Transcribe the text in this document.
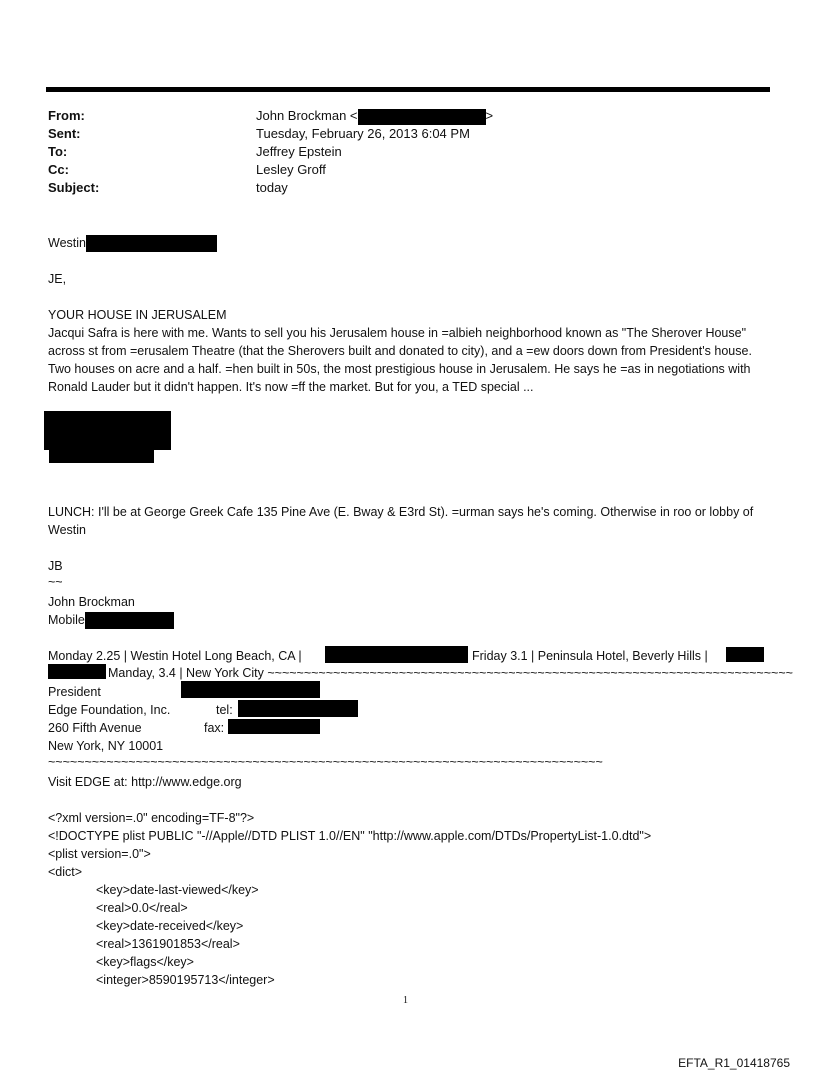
From:	John Brockman <	>
Sent:	Tuesday, February 26, 2013 6:04 PM
To:	Jeffrey Epstein
Cc:	Lesley Groff
Subject:	today
Westin
JE,
YOUR HOUSE IN JERUSALEM
Jacqui Safra is here with me. Wants to sell you his Jerusalem house in =albieh neighborhood known as "The Sherover House" across st from =erusalem Theatre (that the Sherovers built and donated to city), and a =ew doors down from President's house. Two houses on acre and a half. =hen built in 50s, the most prestigious house in Jerusalem. He says he =as in negotiations with Ronald Lauder but it didn't happen. It's now =ff the market. But for you, a TED special ...
LUNCH: I'll be at George Greek Cafe 135 Pine Ave (E. Bway & E3rd St). =urman says he's coming. Otherwise in roo or lobby of Westin
JB
~~
John Brockman
Mobile
Monday 2.25 | Westin Hotel Long Beach, CA |	Friday 3.1 | Peninsula Hotel, Beverly Hills |
Manday, 3.4 | New York City ~~~~~~~~~~~~~~~~~~~~~~~~~~~~~~~~~~~~~~~~~~~~~~~~~~~~~~~~~~~~~~~~~~~~~~~~
President
Edge Foundation, Inc.	tel:
260 Fifth Avenue	fax:
New York, NY 10001
~~~~~~~~~~~~~~~~~~~~~~~~~~~~~~~~~~~~~~~~~~~~~~~~~~~~~~~~~~~~~~~~~~~~~~~~~~~~
Visit EDGE at: http://www.edge.org
<?xml version=.0" encoding=TF-8"?>
<!DOCTYPE plist PUBLIC "-//Apple//DTD PLIST 1.0//EN" "http://www.apple.com/DTDs/PropertyList-1.0.dtd">
<plist version=.0">
<dict>
<key>date-last-viewed</key>
<real>0.0</real>
<key>date-received</key>
<real>1361901853</real>
<key>flags</key>
<integer>8590195713</integer>
1
EFTA_R1_01418765
